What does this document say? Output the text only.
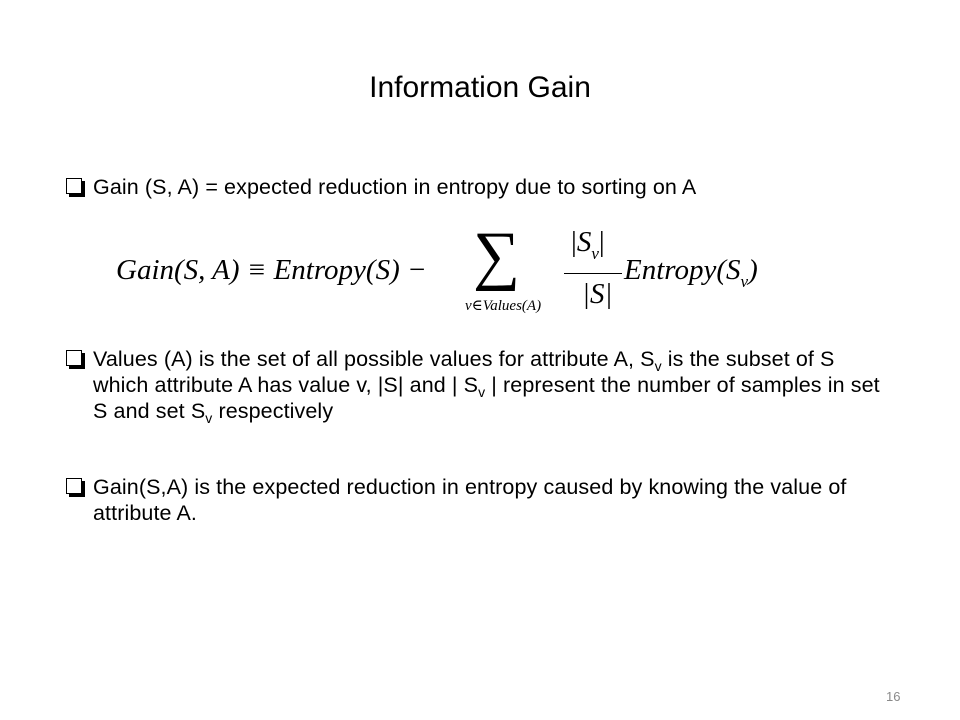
Information Gain
Gain (S, A) = expected reduction in entropy due to sorting on A
Gain(S, A) ≡ Entropy(S) − ∑
v∈Values(A)
$|S_v|$
|S|
$Entropy(S_v)$
Values (A) is the set of all possible values for attribute A, $S_v$ is the subset of S which attribute A has value v, |S| and | $S_v$ | represent the number of samples in set S and set $S_v$ respectively
Gain(S,A) is the expected reduction in entropy caused by knowing the value of attribute A.
16
